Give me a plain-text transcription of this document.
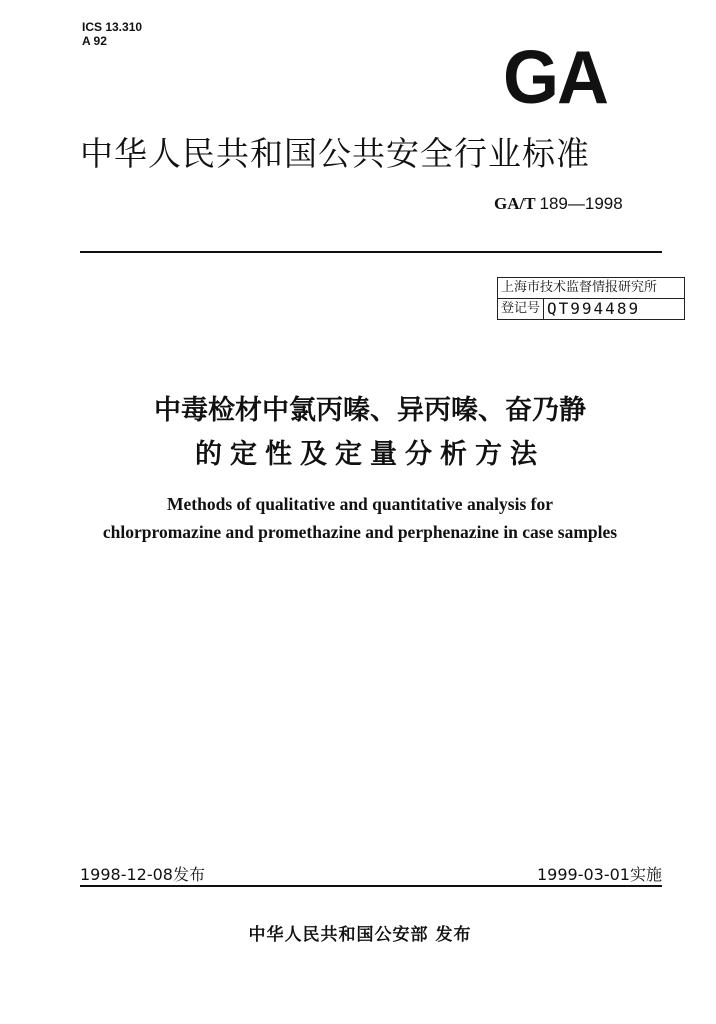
ICS 13.310
A 92	GA
中华人民共和国公共安全行业标准
GA/T 189—1998
上海市技术监督情报研究所
登记号 QT994489
中毒检材中氯丙嗪、异丙嗪、奋乃静
的定性及定量分析方法
Methods of qualitative and quantitative analysis for
chlorpromazine and promethazine and perphenazine in case samples
1998-12-08发布	1999-03-01实施
中华人民共和国公安部 发布
